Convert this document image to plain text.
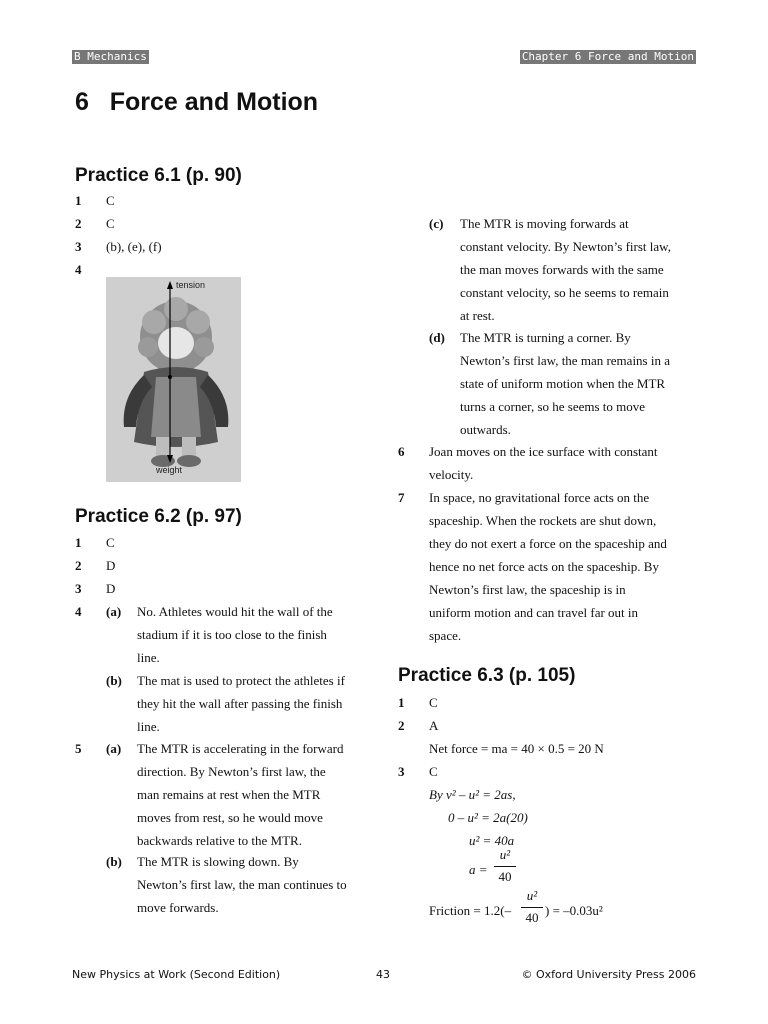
B Mechanics	Chapter 6 Force and Motion
6   Force and Motion
Practice 6.1 (p. 90)
1 C
2 C
3 (b), (e), (f)
4
tension
weight
Practice 6.2 (p. 97)
1 C
2 D
3 D
4 (a) No. Athletes would hit the wall of the
stadium if it is too close to the finish
line.
(b) The mat is used to protect the athletes if
they hit the wall after passing the finish
line.
5 (a) The MTR is accelerating in the forward
direction. By Newton’s first law, the
man remains at rest when the MTR
moves from rest, so he would move
backwards relative to the MTR.
(b) The MTR is slowing down. By
Newton’s first law, the man continues to
move forwards.
(c) The MTR is moving forwards at
constant velocity. By Newton’s first law,
the man moves forwards with the same
constant velocity, so he seems to remain
at rest.
(d) The MTR is turning a corner. By
Newton’s first law, the man remains in a
state of uniform motion when the MTR
turns a corner, so he seems to move
outwards.
6 Joan moves on the ice surface with constant
velocity.
7 In space, no gravitational force acts on the
spaceship. When the rockets are shut down,
they do not exert a force on the spaceship and
hence no net force acts on the spaceship. By
Newton’s first law, the spaceship is in
uniform motion and can travel far out in
space.
Practice 6.3 (p. 105)
1 C
2 A
Net force = ma = 40 × 0.5 = 20 N
3 C
By v² – u² = 2as,
0 – u² = 2a(20)
u² = 40a
a =
u²
40
Friction = 1.2(–
u²
40 ) = –0.03u²
New Physics at Work (Second Edition)	43	© Oxford University Press 2006
